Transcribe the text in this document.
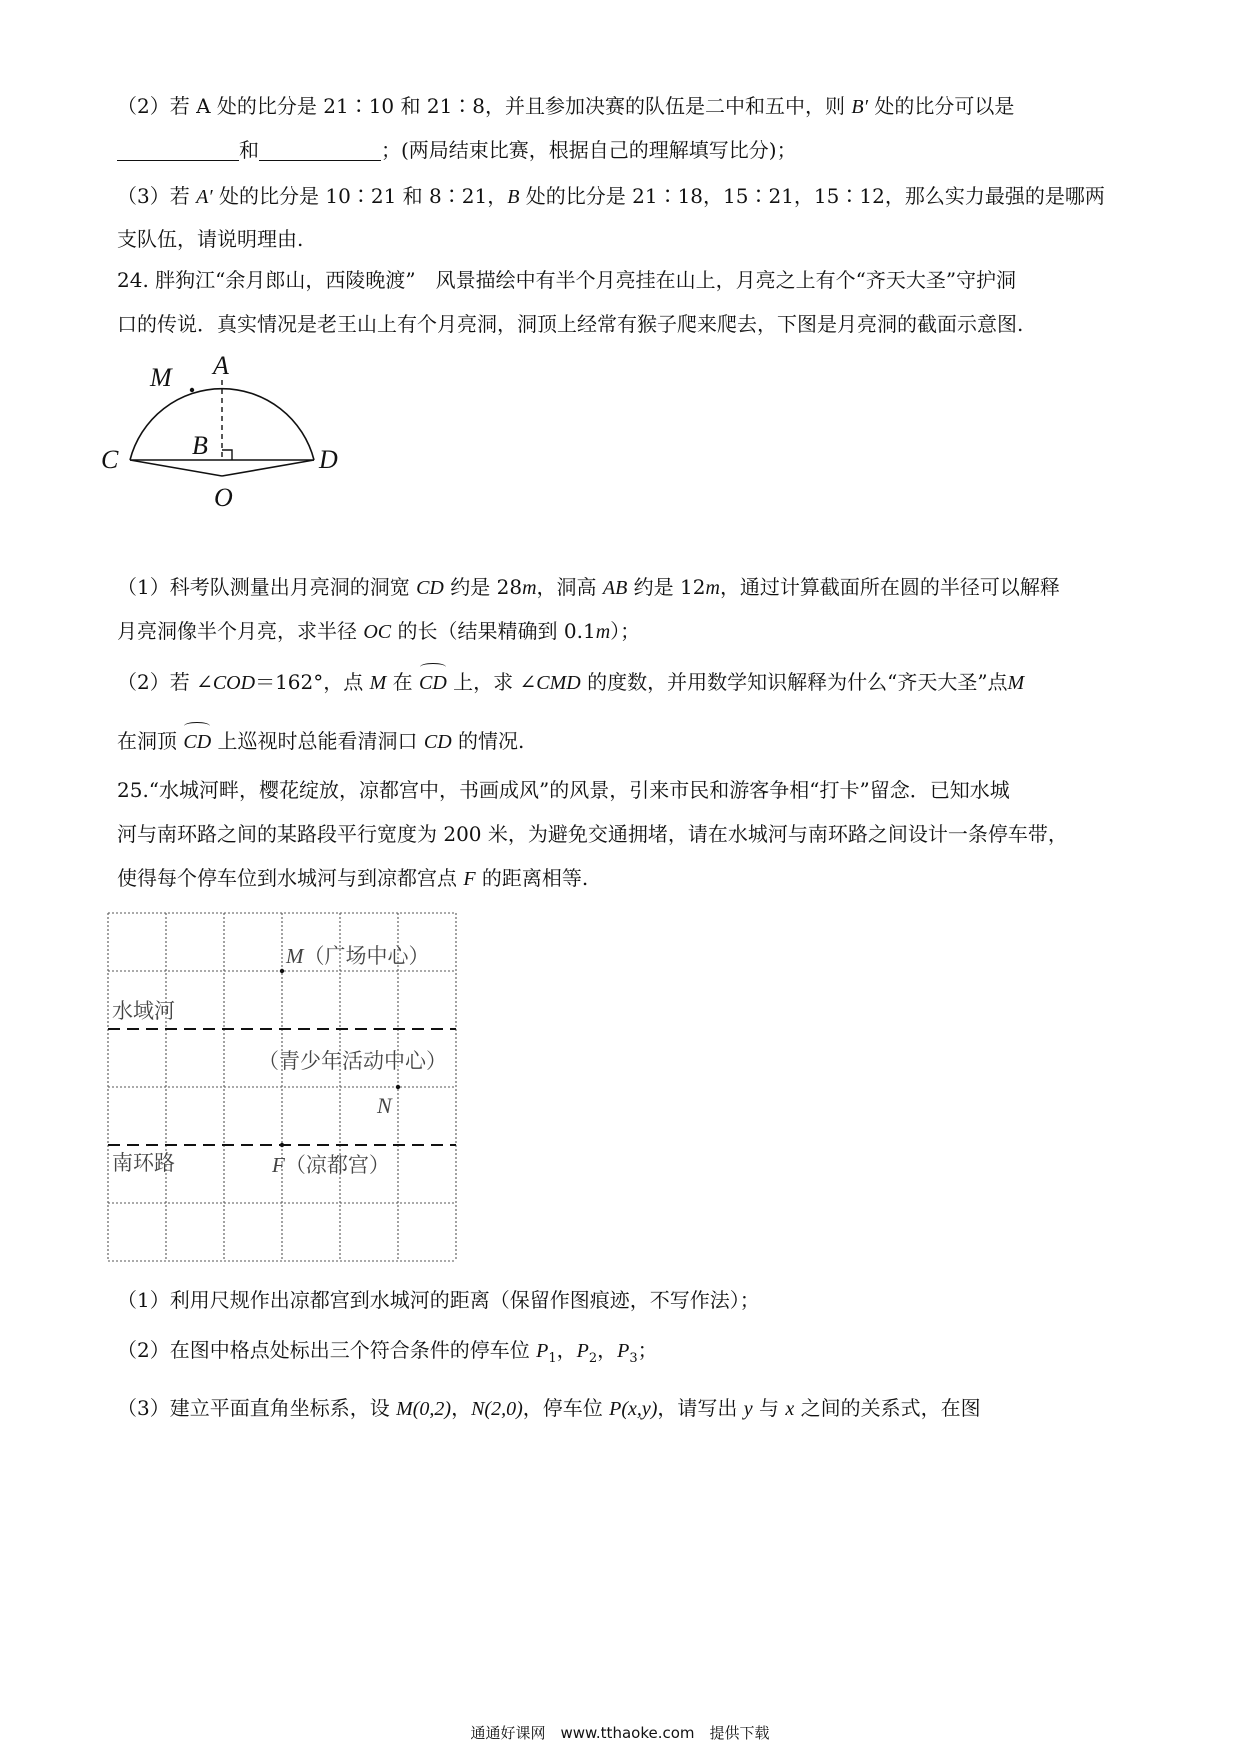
（2）若 A 处的比分是 21∶10 和 21∶8，并且参加决赛的队伍是二中和五中，则 B′ 处的比分可以是
和	；(两局结束比赛，根据自己的理解填写比分)；
（3）若 A′ 处的比分是 10∶21 和 8∶21，B 处的比分是 21∶18，15∶21，15∶12，那么实力最强的是哪两
支队伍，请说明理由.
24. 胖狗江“余月郎山，西陵晚渡”　风景描绘中有半个月亮挂在山上，月亮之上有个“齐天大圣”守护洞
口的传说．真实情况是老王山上有个月亮洞，洞顶上经常有猴子爬来爬去，下图是月亮洞的截面示意图.
M A
B
C	D
O
（1）科考队测量出月亮洞的洞宽 CD 约是 28m，洞高 AB 约是 12m，通过计算截面所在圆的半径可以解释
月亮洞像半个月亮，求半径 OC 的长（结果精确到 0.1m）；
（2）若 ∠COD＝162°，点 M 在 CD 上，求 ∠CMD 的度数，并用数学知识解释为什么“齐天大圣”点M
在洞顶 CD 上巡视时总能看清洞口 CD 的情况.
25.“水城河畔，樱花绽放，凉都宫中，书画成风”的风景，引来市民和游客争相“打卡”留念．已知水城
河与南环路之间的某路段平行宽度为 200 米，为避免交通拥堵，请在水城河与南环路之间设计一条停车带，
使得每个停车位到水城河与到凉都宫点 F 的距离相等.
M（广场中心）
水域河
（青少年活动中心）
N
南环路	F（凉都宫）
（1）利用尺规作出凉都宫到水城河的距离（保留作图痕迹，不写作法）；
（2）在图中格点处标出三个符合条件的停车位 $P_1$，$P_2$，$P_3$；
（3）建立平面直角坐标系，设 M(0,2)，N(2,0)，停车位 P(x,y)，请写出 y 与 x 之间的关系式，在图
通通好课网　www.tthaoke.com　提供下载
